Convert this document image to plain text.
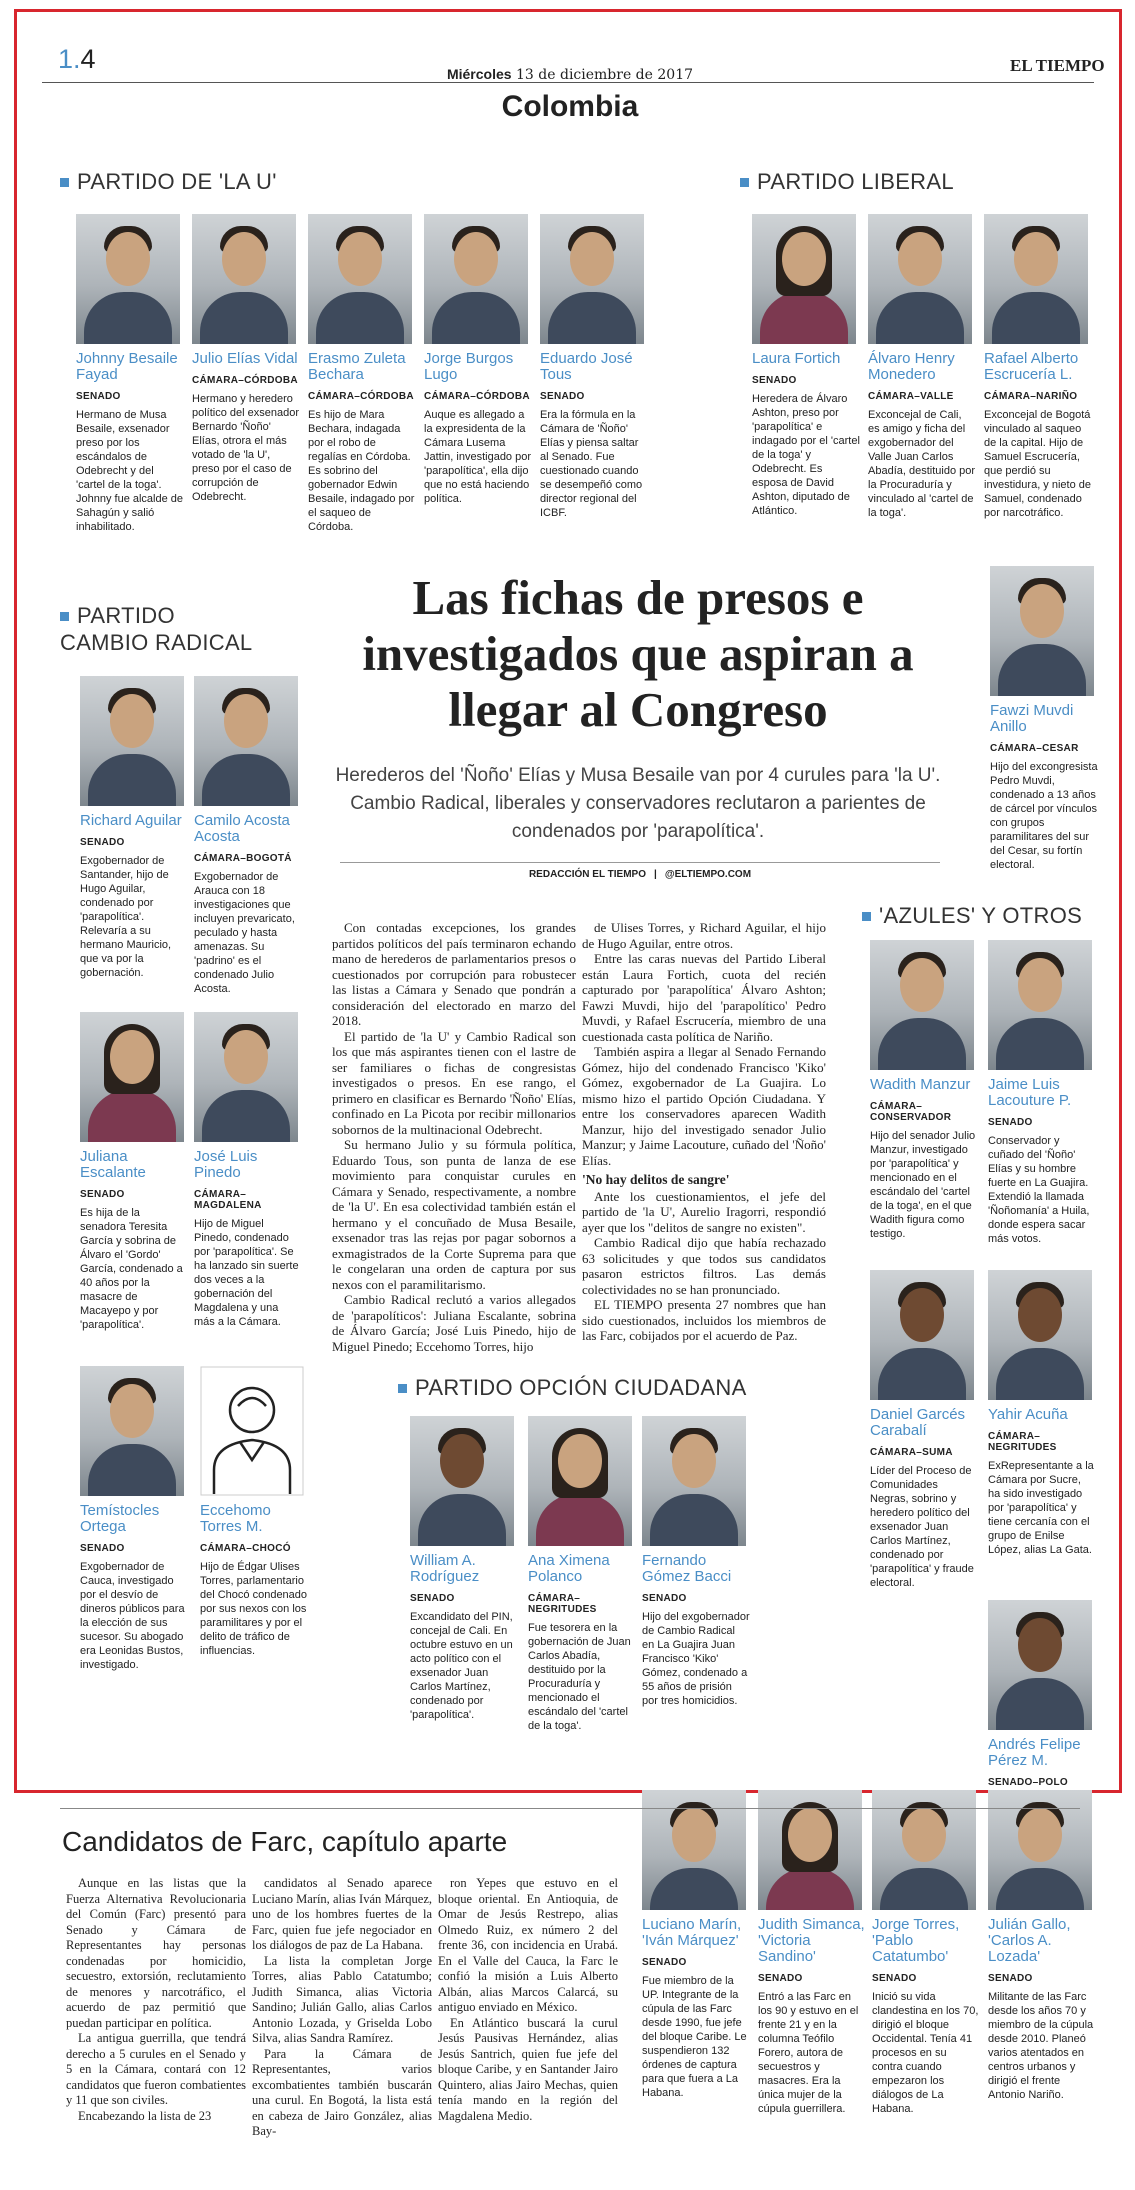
1.4	Miércoles 13 de diciembre de 2017	EL TIEMPO
Colombia
PARTIDO DE 'LA U'	PARTIDO LIBERAL
PARTIDO
CAMBIO RADICAL
'AZULES' Y OTROS
PARTIDO OPCIÓN CIUDADANA
Johnny Besaile Fayad
SENADO
Hermano de Musa Besaile, exsenador preso por los escándalos de Odebrecht y del 'cartel de la toga'. Johnny fue alcalde de Sahagún y salió inhabilitado.
Julio Elías Vidal
CÁMARA–CÓRDOBA
Hermano y heredero político del exsenador Bernardo 'Ñoño' Elías, otrora el más votado de 'la U', preso por el caso de corrupción de Odebrecht.
Erasmo Zuleta Bechara
CÁMARA–CÓRDOBA
Es hijo de Mara Bechara, indagada por el robo de regalías en Córdoba. Es sobrino del gobernador Edwin Besaile, indagado por el saqueo de Córdoba.
Jorge Burgos Lugo
CÁMARA–CÓRDOBA
Auque es allegado a la expresidenta de la Cámara Lusema Jattin, investigado por 'parapolítica', ella dijo que no está haciendo política.
Eduardo José Tous
SENADO
Era la fórmula en la Cámara de 'Ñoño' Elías y piensa saltar al Senado. Fue cuestionado cuando se desempeñó como director regional del ICBF.
Laura Fortich
SENADO
Heredera de Álvaro Ashton, preso por 'parapolítica' e indagado por el 'cartel de la toga' y Odebrecht. Es esposa de David Ashton, diputado de Atlántico.
Álvaro Henry Monedero
CÁMARA–VALLE
Exconcejal de Cali, es amigo y ficha del exgobernador del Valle Juan Carlos Abadía, destituido por la Procuraduría y vinculado al 'cartel de la toga'.
Rafael Alberto Escrucería L.
CÁMARA–NARIÑO
Exconcejal de Bogotá vinculado al saqueo de la capital. Hijo de Samuel Escrucería, que perdió su investidura, y nieto de Samuel, condenado por narcotráfico.
Fawzi Muvdi Anillo
CÁMARA–CESAR
Hijo del excongresista Pedro Muvdi, condenado a 13 años de cárcel por vínculos con grupos paramilitares del sur del Cesar, su fortín electoral.
Richard Aguilar
SENADO
Exgobernador de Santander, hijo de Hugo Aguilar, condenado por 'parapolítica'. Relevaría a su hermano Mauricio, que va por la gobernación.
Camilo Acosta Acosta
CÁMARA–BOGOTÁ
Exgobernador de Arauca con 18 investigaciones que incluyen prevaricato, peculado y hasta amenazas. Su 'padrino' es el condenado Julio Acosta.
Juliana Escalante
SENADO
Es hija de la senadora Teresita García y sobrina de Álvaro el 'Gordo' García, condenado a 40 años por la masacre de Macayepo y por 'parapolítica'.
José Luis Pinedo
CÁMARA–MAGDALENA
Hijo de Miguel Pinedo, condenado por 'parapolítica'. Se ha lanzado sin suerte dos veces a la gobernación del Magdalena y una más a la Cámara.
Temístocles Ortega
SENADO
Exgobernador de Cauca, investigado por el desvío de dineros públicos para la elección de sus sucesor. Su abogado era Leonidas Bustos, investigado.
Eccehomo Torres M.
CÁMARA–CHOCÓ
Hijo de Édgar Ulises Torres, parlamentario del Chocó condenado por sus nexos con los paramilitares y por el delito de tráfico de influencias.
Wadith Manzur
CÁMARA–CONSERVADOR
Hijo del senador Julio Manzur, investigado por 'parapolítica' y mencionado en el escándalo del 'cartel de la toga', en el que Wadith figura como testigo.
Jaime Luis Lacouture P.
SENADO
Conservador y cuñado del 'Ñoño' Elías y su hombre fuerte en La Guajira. Extendió la llamada 'Ñoñomanía' a Huila, donde espera sacar más votos.
Daniel Garcés Carabalí
CÁMARA–SUMA
Líder del Proceso de Comunidades Negras, sobrino y heredero político del exsenador Juan Carlos Martínez, condenado por 'parapolítica' y fraude electoral.
Yahir Acuña
CÁMARA–NEGRITUDES
ExRepresentante a la Cámara por Sucre, ha sido investigado por 'parapolítica' y tiene cercanía con el grupo de Enilse López, alias La Gata.
Andrés Felipe Pérez M.
SENADO–POLO
William A. Rodríguez
SENADO
Excandidato del PIN, concejal de Cali. En octubre estuvo en un acto político con el exsenador Juan Carlos Martínez, condenado por 'parapolítica'.
Ana Ximena Polanco
CÁMARA–NEGRITUDES
Fue tesorera en la gobernación de Juan Carlos Abadía, destituido por la Procuraduría y mencionado el escándalo del 'cartel de la toga'.
Fernando Gómez Bacci
SENADO
Hijo del exgobernador de Cambio Radical en La Guajira Juan Francisco 'Kiko' Gómez, condenado a 55 años de prisión por tres homicidios.
Luciano Marín, 'Iván Márquez'
SENADO
Fue miembro de la UP. Integrante de la cúpula de las Farc desde 1990, fue jefe del bloque Caribe. Le suspendieron 132 órdenes de captura para que fuera a La Habana.
Judith Simanca, 'Victoria Sandino'
SENADO
Entró a las Farc en los 90 y estuvo en el frente 21 y en la columna Teófilo Forero, autora de secuestros y masacres. Era la única mujer de la cúpula guerrillera.
Jorge Torres, 'Pablo Catatumbo'
SENADO
Inició su vida clandestina en los 70, dirigió el bloque Occidental. Tenía 41 procesos en su contra cuando empezaron los diálogos de La Habana.
Julián Gallo, 'Carlos A. Lozada'
SENADO
Militante de las Farc desde los años 70 y miembro de la cúpula desde 2010. Planeó varios atentados en centros urbanos y dirigió el frente Antonio Nariño.
Las fichas de presos e investigados que aspiran a llegar al Congreso
Herederos del 'Ñoño' Elías y Musa Besaile van por 4 curules para 'la U'. Cambio Radical, liberales y conservadores reclutaron a parientes de condenados por 'parapolítica'.
REDACCIÓN EL TIEMPO | @ELTIEMPO.COM

Con contadas excepciones, los grandes partidos políticos del país terminaron echando mano de herederos de parlamentarios presos o cuestionados por corrupción para robustecer las listas a Cámara y Senado que pondrán a consideración del electorado en marzo del 2018.

El partido de 'la U' y Cambio Radical son los que más aspirantes tienen con el lastre de ser familiares o fichas de congresistas investigados o presos. En ese rango, el primero en clasificar es Bernardo 'Ñoño' Elías, confinado en La Picota por recibir millonarios sobornos de la multinacional Odebrecht.

Su hermano Julio y su fórmula política, Eduardo Tous, son punta de lanza de ese movimiento para conquistar curules en Cámara y Senado, respectivamente, a nombre de 'la U'. En esa colectividad también están el hermano y el concuñado de Musa Besaile, exsenador tras las rejas por pagar sobornos a exmagistrados de la Corte Suprema para que le congelaran una orden de captura por sus nexos con el paramilitarismo.

Cambio Radical reclutó a varios allegados de 'parapolíticos': Juliana Escalante, sobrina de Álvaro García; José Luis Pinedo, hijo de Miguel Pinedo; Eccehomo Torres, hijo

de Ulises Torres, y Richard Aguilar, el hijo de Hugo Aguilar, entre otros.

Entre las caras nuevas del Partido Liberal están Laura Fortich, cuota del recién capturado por 'parapolítica' Álvaro Ashton; Fawzi Muvdi, hijo del 'parapolítico' Pedro Muvdi, y Rafael Escrucería, miembro de una cuestionada casta política de Nariño.

También aspira a llegar al Senado Fernando Gómez, hijo del condenado Francisco 'Kiko' Gómez, exgobernador de La Guajira. Lo mismo hizo el partido Opción Ciudadana. Y entre los conservadores aparecen Wadith Manzur, hijo del investigado senador Julio Manzur; y Jaime Lacouture, cuñado del 'Ñoño' Elías.

'No hay delitos de sangre'

Ante los cuestionamientos, el jefe del partido de 'la U', Aurelio Iragorri, respondió ayer que los "delitos de sangre no existen".

Cambio Radical dijo que había rechazado 63 solicitudes y que todos sus candidatos pasaron estrictos filtros. Las demás colectividades no se han pronunciado.

EL TIEMPO presenta 27 nombres que han sido cuestionados, incluidos los miembros de las Farc, cobijados por el acuerdo de Paz.

Candidatos de Farc, capítulo aparte

Aunque en las listas que la Fuerza Alternativa Revolucionaria del Común (Farc) presentó para Senado y Cámara de Representantes hay personas condenadas por homicidio, secuestro, extorsión, reclutamiento de menores y narcotráfico, el acuerdo de paz permitió que puedan participar en política.

La antigua guerrilla, que tendrá derecho a 5 curules en el Senado y 5 en la Cámara, contará con 12 candidatos que fueron combatientes y 11 que son civiles.

Encabezando la lista de 23

candidatos al Senado aparece Luciano Marín, alias Iván Márquez, uno de los hombres fuertes de la Farc, quien fue jefe negociador en los diálogos de paz de La Habana.

La lista la completan Jorge Torres, alias Pablo Catatumbo; Judith Simanca, alias Victoria Sandino; Julián Gallo, alias Carlos Antonio Lozada, y Griselda Lobo Silva, alias Sandra Ramírez.

Para la Cámara de Representantes, varios excombatientes también buscarán una curul. En Bogotá, la lista está en cabeza de Jairo González, alias Bay-

ron Yepes que estuvo en el bloque oriental. En Antioquia, de Omar de Jesús Restrepo, alias Olmedo Ruiz, ex número 2 del frente 36, con incidencia en Urabá. En el Valle del Cauca, la Farc le confió la misión a Luis Alberto Albán, alias Marcos Calarcá, su antiguo enviado en México.

En Atlántico buscará la curul Jesús Pausivas Hernández, alias Jesús Santrich, quien fue jefe del bloque Caribe, y en Santander Jairo Quintero, alias Jairo Mechas, quien tenía mando en la región del Magdalena Medio.
